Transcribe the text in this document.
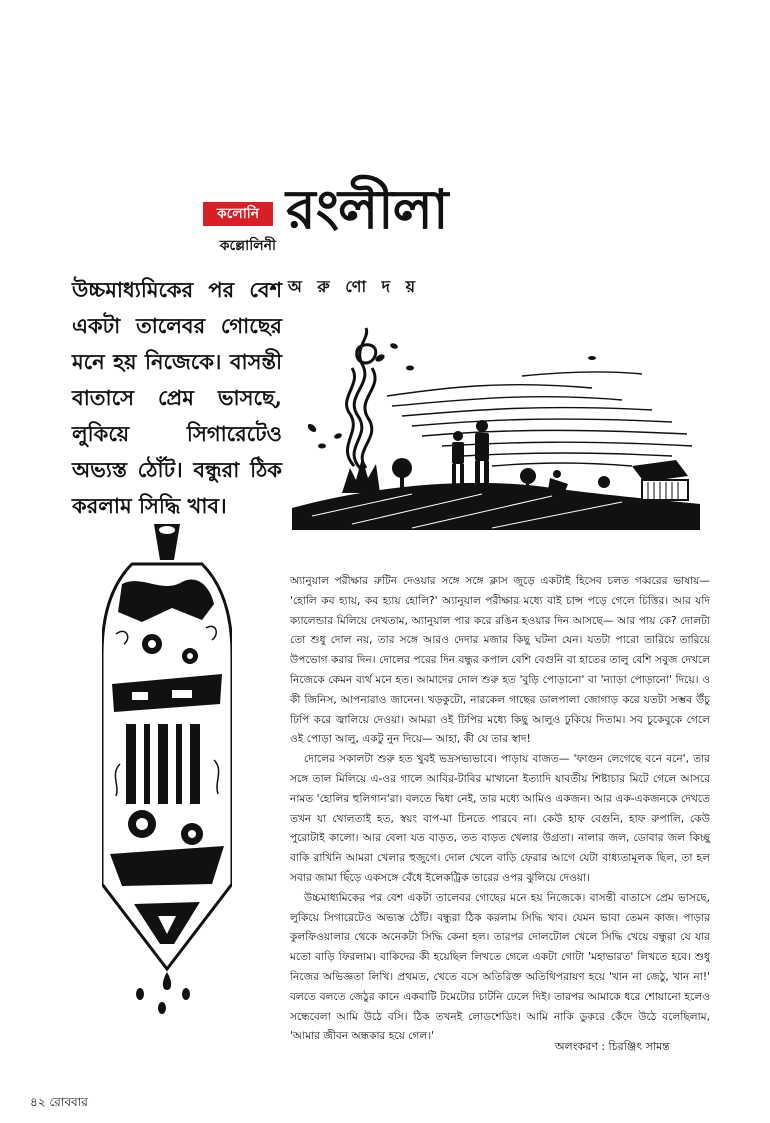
কলোনি
কল্লোলিনী
রংলীলা
উচ্চমাধ্যমিকের পর বেশ একটা তালেবর গোছের মনে হয় নিজেকে। বাসন্তী বাতাসে প্রেম ভাসছে, লুকিয়ে সিগারেটেও অভ্যস্ত ঠোঁট। বন্ধুরা ঠিক করলাম সিদ্ধি খাব।
অ রু ণো দ য়

অ্যানুয়াল পরীক্ষার রুটিন দেওয়ার সঙ্গে সঙ্গে ক্লাস জুড়ে একটাই হিসেব চলত গব্বরের ভাষায়— 'হোলি কব হ্যায়, কব হ্যায় হোলি?' অ্যানুয়াল পরীক্ষার মধ্যে বাই চান্স পড়ে গেলে চিত্তির। আর যদি ক্যালেন্ডার মিলিয়ে দেখতাম, অ্যানুয়াল পার করে রঙিন হওয়ার দিন আসছে— আর পায় কে? দোলটা তো শুধু দোল নয়, তার সঙ্গে আরও দেদার মজার কিছু ঘটনা যেন। যতটা পারো তারিয়ে তারিয়ে উপভোগ করার দিন। দোলের পরের দিন বন্ধুর কপাল বেশি বেগুনি বা হাতের তালু বেশি সবুজ দেখলে নিজেকে কেমন ব্যর্থ মনে হত। আমাদের দোল শুরু হত 'বুড়ি পোড়ানো' বা 'ন্যাড়া পোড়ানো' দিয়ে। ও কী জিনিস, আপনারাও জানেন। খড়কুটো, নারকেল গাছের ডালপালা জোগাড় করে যতটা সম্ভব উঁচু ঢিপি করে জ্বালিয়ে দেওয়া। আমরা ওই ঢিপির মধ্যে কিছু আলুও ঢুকিয়ে দিতাম। সব চুকেবুকে গেলে ওই পোড়া আলু, একটু নুন দিয়ে— আহা, কী যে তার স্বাদ!

দোলের সকালটা শুরু হত খুবই ভদ্রসভ্যভাবে। পাড়ায় বাজত— 'ফাগুন লেগেছে বনে বনে', তার সঙ্গে তাল মিলিয়ে এ-ওর গালে আবির-টাবির মাখানো ইত্যাদি যাবতীয় শিষ্টাচার মিটে গেলে আসরে নামত 'হোলির হুলিগান'রা। বলতে দ্বিধা নেই, তার মধ্যে আমিও একজন। আর এক-একজনকে দেখতে তখন যা খোলতাই হত, স্বয়ং বাপ-মা চিনতে পারবে না। কেউ হাফ বেগুনি, হাফ রুপালি, কেউ পুরোটাই কালো। আর বেলা যত বাড়ত, তত বাড়ত খেলার উগ্রতা। নালার জল, ডোবার জল কিচ্ছু বাকি রাখিনি আমরা খেলার হুজুগে। দোল খেলে বাড়ি ফেরার আগে যেটা বাধ্যতামূলক ছিল, তা হল সবার জামা ছিঁড়ে একসঙ্গে বেঁধে ইলেকট্রিক তারের ওপর ঝুলিয়ে দেওয়া।

উচ্চমাধ্যমিকের পর বেশ একটা তালেবর গোছের মনে হয় নিজেকে। বাসন্তী বাতাসে প্রেম ভাসছে, লুকিয়ে সিগারেটেও অভ্যস্ত ঠোঁট। বন্ধুরা ঠিক করলাম সিদ্ধি খাব। যেমন ভাবা তেমন কাজ। পাড়ার কুলফিওয়ালার থেকে অনেকটা সিদ্ধি কেনা হল। তারপর দোলটোল খেলে সিদ্ধি খেয়ে বন্ধুরা যে যার মতো বাড়ি ফিরলাম। বাকিদের কী হয়েছিল লিখতে গেলে একটা গোটা 'মহাভারত' লিখতে হবে। শুধু নিজের অভিজ্ঞতা লিখি। প্রথমত, খেতে বসে অতিরিক্ত অতিথিপরায়ণ হয়ে 'খান না জেঠু, খান না!' বলতে বলতে জেঠুর কানে একবাটি টমেটোর চাটনি ঢেলে দিই। তারপর আমাকে ধরে শোয়ানো হলেও সন্ধেবেলা আমি উঠে বসি। ঠিক তখনই লোডশেডিং। আমি নাকি ডুকরে কেঁদে উঠে বলেছিলাম, 'আমার জীবন অন্ধকার হয়ে গেল।'

অলংকরণ : চিরঞ্জিৎ সামন্ত
৪২ রোববার
